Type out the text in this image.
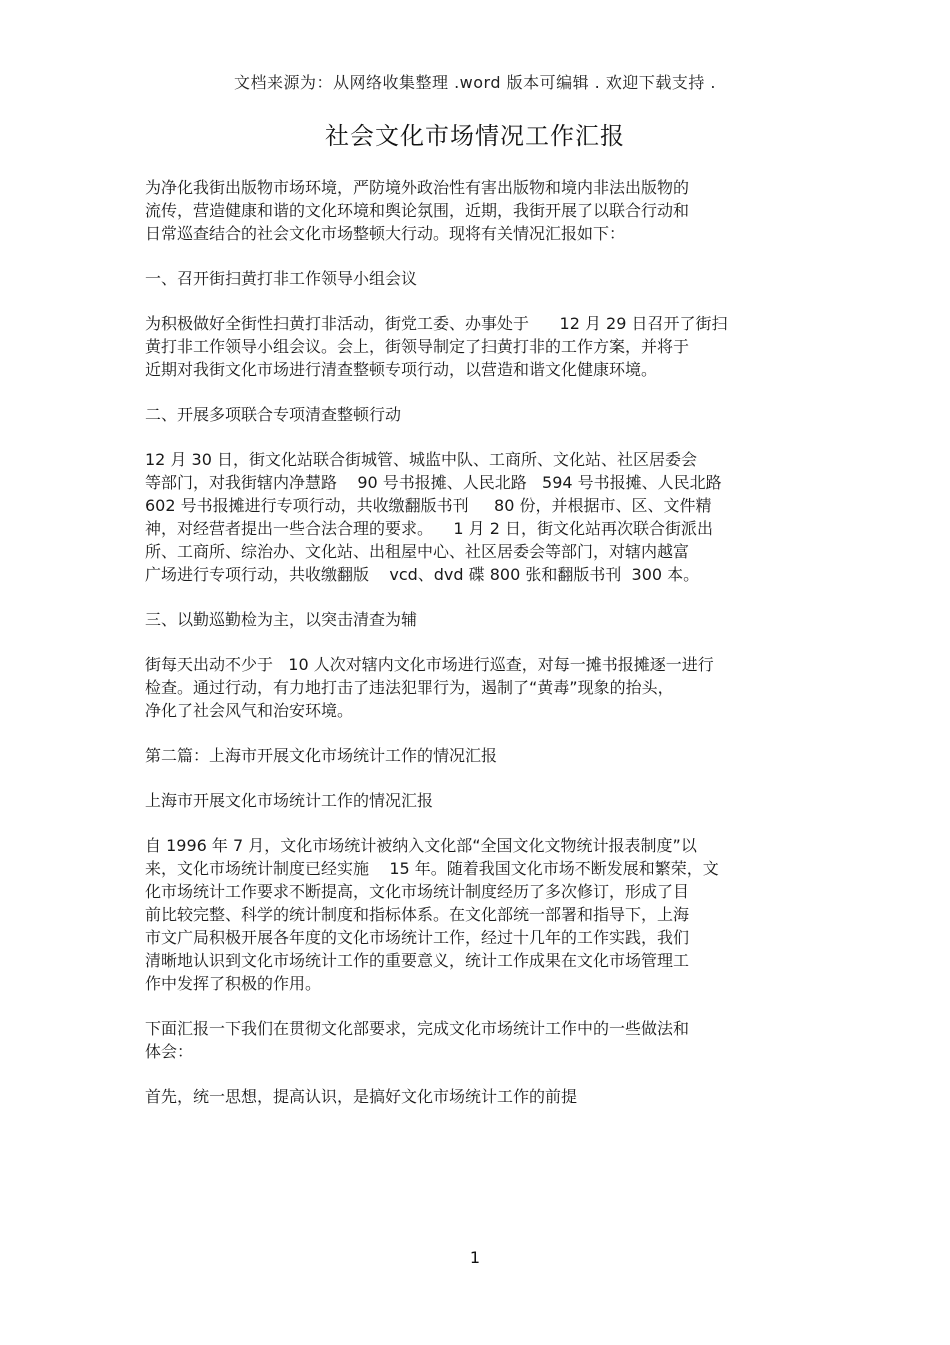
文档来源为：从网络收集整理 .word 版本可编辑 . 欢迎下载支持 .
社会文化市场情况工作汇报

为净化我街出版物市场环境，严防境外政治性有害出版物和境内非法出版物的
流传，营造健康和谐的文化环境和舆论氛围，近期，我街开展了以联合行动和
日常巡查结合的社会文化市场整顿大行动。现将有关情况汇报如下：

一、召开街扫黄打非工作领导小组会议

为积极做好全街性扫黄打非活动，街党工委、办事处于      12 月 29 日召开了街扫
黄打非工作领导小组会议。会上，街领导制定了扫黄打非的工作方案，并将于
近期对我街文化市场进行清查整顿专项行动，以营造和谐文化健康环境。

二、开展多项联合专项清查整顿行动

12 月 30 日，街文化站联合街城管、城监中队、工商所、文化站、社区居委会
等部门，对我街辖内净慧路    90 号书报摊、人民北路   594 号书报摊、人民北路
602 号书报摊进行专项行动，共收缴翻版书刊     80 份，并根据市、区、文件精
神，对经营者提出一些合法合理的要求。    1 月 2 日，街文化站再次联合街派出
所、工商所、综治办、文化站、出租屋中心、社区居委会等部门，对辖内越富
广场进行专项行动，共收缴翻版    vcd、dvd 碟 800 张和翻版书刊  300 本。

三、以勤巡勤检为主，以突击清查为辅

街每天出动不少于   10 人次对辖内文化市场进行巡查，对每一摊书报摊逐一进行
检查。通过行动，有力地打击了违法犯罪行为，遏制了“黄毒”现象的抬头，
净化了社会风气和治安环境。

第二篇：上海市开展文化市场统计工作的情况汇报
上海市开展文化市场统计工作的情况汇报

自 1996 年 7 月，文化市场统计被纳入文化部“全国文化文物统计报表制度”以
来，文化市场统计制度已经实施    15 年。随着我国文化市场不断发展和繁荣，文
化市场统计工作要求不断提高，文化市场统计制度经历了多次修订，形成了目
前比较完整、科学的统计制度和指标体系。在文化部统一部署和指导下，上海
市文广局积极开展各年度的文化市场统计工作，经过十几年的工作实践，我们
清晰地认识到文化市场统计工作的重要意义，统计工作成果在文化市场管理工
作中发挥了积极的作用。

下面汇报一下我们在贯彻文化部要求，完成文化市场统计工作中的一些做法和
体会：

首先，统一思想，提高认识，是搞好文化市场统计工作的前提
1
